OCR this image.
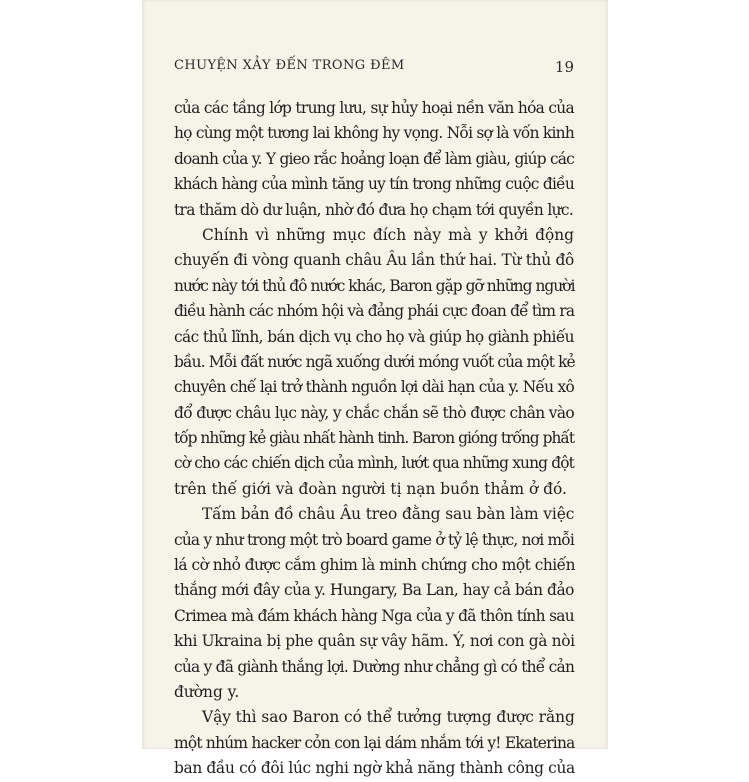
CHUYỆN XẢY ĐẾN TRONG ĐÊM	19
của các tầng lớp trung lưu, sự hủy hoại nền văn hóa của
họ cùng một tương lai không hy vọng. Nỗi sợ là vốn kinh
doanh của y. Y gieo rắc hoảng loạn để làm giàu, giúp các
khách hàng của mình tăng uy tín trong những cuộc điều
tra thăm dò dư luận, nhờ đó đưa họ chạm tới quyền lực.
Chính vì những mục đích này mà y khởi động
chuyến đi vòng quanh châu Âu lần thứ hai. Từ thủ đô
nước này tới thủ đô nước khác, Baron gặp gỡ những người
điều hành các nhóm hội và đảng phái cực đoan để tìm ra
các thủ lĩnh, bán dịch vụ cho họ và giúp họ giành phiếu
bầu. Mỗi đất nước ngã xuống dưới móng vuốt của một kẻ
chuyên chế lại trở thành nguồn lợi dài hạn của y. Nếu xô
đổ được châu lục này, y chắc chắn sẽ thò được chân vào
tốp những kẻ giàu nhất hành tinh. Baron gióng trống phất
cờ cho các chiến dịch của mình, lướt qua những xung đột
trên thế giới và đoàn người tị nạn buồn thảm ở đó.
Tấm bản đồ châu Âu treo đằng sau bàn làm việc
của y như trong một trò board game ở tỷ lệ thực, nơi mỗi
lá cờ nhỏ được cắm ghim là minh chứng cho một chiến
thắng mới đây của y. Hungary, Ba Lan, hay cả bán đảo
Crimea mà đám khách hàng Nga của y đã thôn tính sau
khi Ukraina bị phe quân sự vây hãm. Ý, nơi con gà nòi
của y đã giành thắng lợi. Dường như chẳng gì có thể cản
đường y.
Vậy thì sao Baron có thể tưởng tượng được rằng
một nhúm hacker cỏn con lại dám nhắm tới y! Ekaterina
ban đầu có đôi lúc nghi ngờ khả năng thành công của
